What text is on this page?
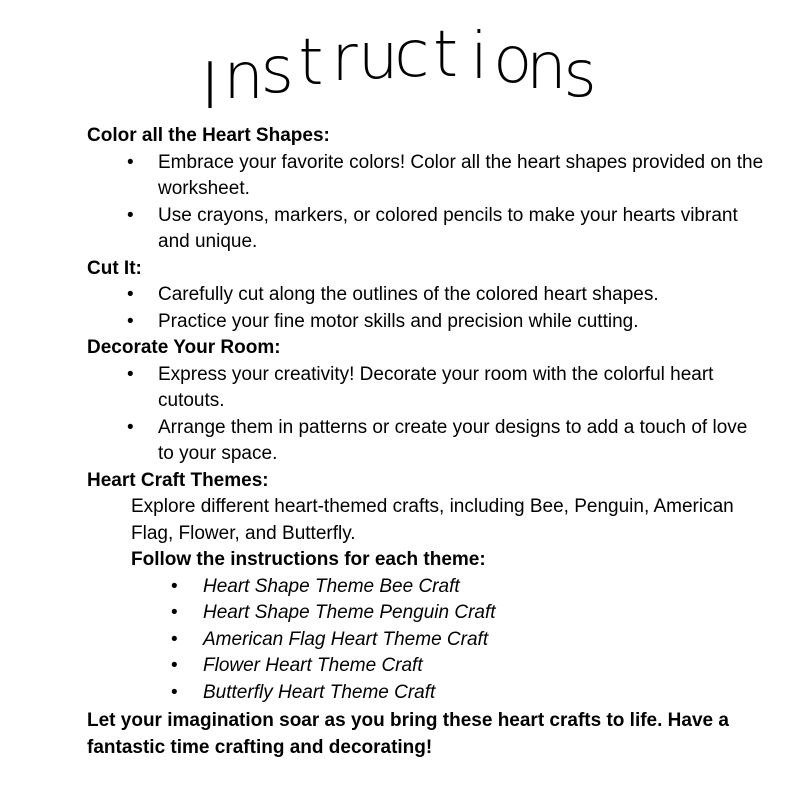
Inst ruct ions

Color all the Heart Shapes:

• Embrace your favorite colors! Color all the heart shapes provided on the worksheet.
• Use crayons, markers, or colored pencils to make your hearts vibrant and unique.

Cut It:

• Carefully cut along the outlines of the colored heart shapes.
• Practice your fine motor skills and precision while cutting.

Decorate Your Room:

• Express your creativity! Decorate your room with the colorful heart cutouts.
• Arrange them in patterns or create your designs to add a touch of love to your space.

Heart Craft Themes:

Explore different heart-themed crafts, including Bee, Penguin, American Flag, Flower, and Butterfly.
Follow the instructions for each theme:
• Heart Shape Theme Bee Craft
• Heart Shape Theme Penguin Craft
• American Flag Heart Theme Craft
• Flower Heart Theme Craft
• Butterfly Heart Theme Craft

Let your imagination soar as you bring these heart crafts to life. Have a fantastic time crafting and decorating!
